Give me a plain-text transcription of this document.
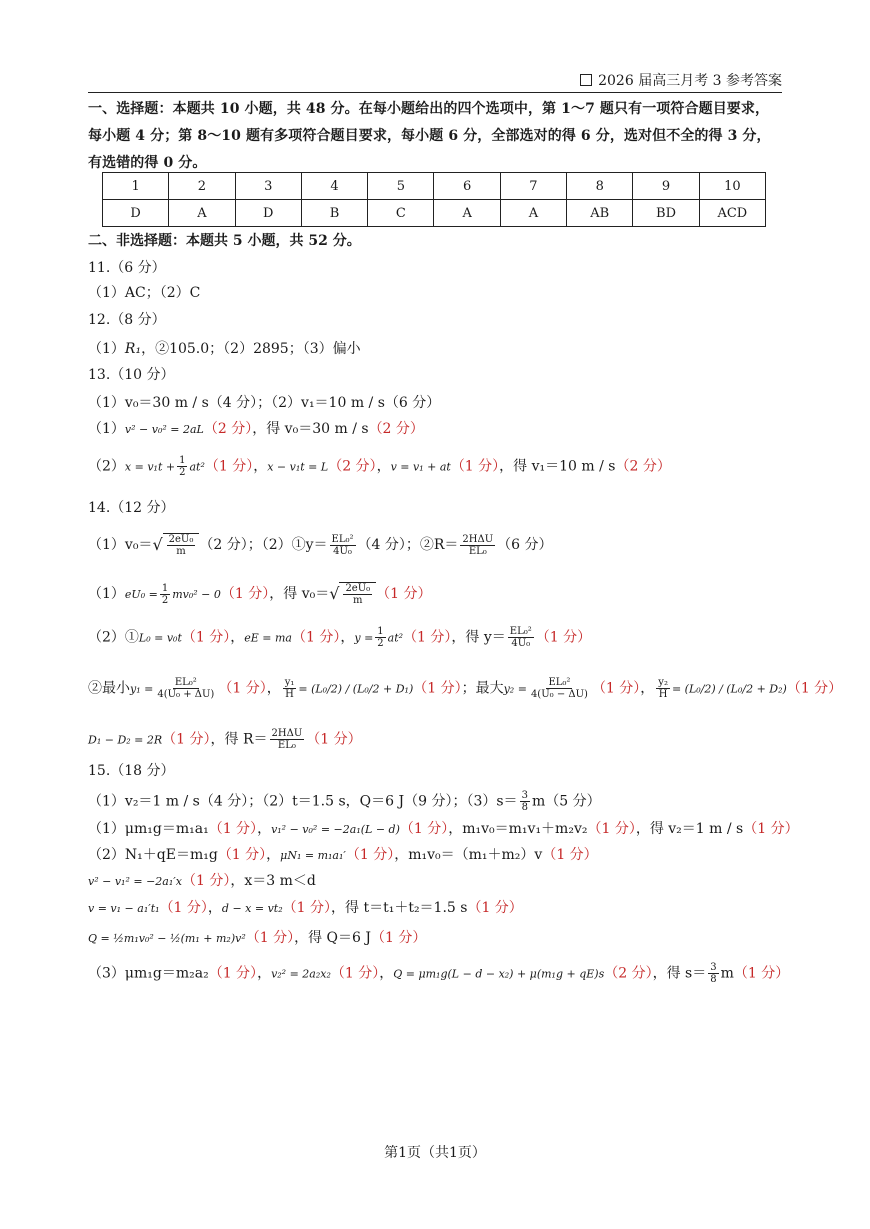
2026 届高三月考 3 参考答案
一、选择题：本题共 10 小题，共 48 分。在每小题给出的四个选项中，第 1～7 题只有一项符合题目要求，
每小题 4 分；第 8～10 题有多项符合题目要求，每小题 6 分，全部选对的得 6 分，选对但不全的得 3 分，
有选错的得 0 分。
1	2	3	4	5	6	7	8	9	10
D	A	D	B	C	A	A	AB	BD	ACD
二、非选择题：本题共 5 小题，共 52 分。
11.（6 分）
（1）AC；（2）C
12.（8 分）
（1）R₁，②105.0；（2）2895；（3）偏小
13.（10 分）
（1）v₀＝30 m / s（4 分）；（2）v₁＝10 m / s（6 分）
（1）v² − v₀² = 2aL（2 分），得 v₀＝30 m / s（2 分）
$(2)x = v_1t + \frac{1}{2} at^2(1$ 分），x − v₁t = L（2 分），v = v₁ + at（1 分），得 v₁＝10 m / s（2 分）
14.（12 分）
$(1)v_0=√ \frac{\text{2eU₀}}{m} (2$ 分）；（2）①y＝ $\frac{\text{EL₀²}}{\text{4U₀}} (4$ 分）；②R＝ 2HΔU
EL₀ （6 分）
$(1)eU_0 = \frac{1}{2} mv_0^2 - 0(1$ 分），得 $v_0=√ \frac{\text{2eU₀}}{m} (1$ 分）
（2）①L₀ = v₀t（1 分），eE = ma（1 分），$y = \frac{1}{2} at^2(1$ 分），得 $y= \frac{\text{EL₀²}}{\text{4U₀}} (1$ 分）
②最小$y_1 = \frac{\text{EL₀²}}{\text{4(U₀ + ΔU)}} (1$ 分）， $\frac{\text{y₁}}{H} = (L_0/2) / (L_0/2 + D_1)(1$ 分）；最大$y_2 = \frac{\text{EL₀²}}{\text{4(U₀ − ΔU)}} (1$ 分）， $\frac{\text{y₂}}{H} = (L_0/2) / (L_0/2 + D_2)(1$ 分）
D₁ − D₂ = 2R（1 分），得 R＝ 2HΔU
EL₀ （1 分）
15.（18 分）
（1）v₂＝1 m / s（4 分）；（2）t＝1.5 s，Q＝6 J（9 分）；$(3)s= \frac{3}{8} m(5$ 分）
（1）μm₁g＝m₁a₁（1 分），v₁² − v₀² = −2a₁(L − d)（1 分），m₁v₀＝m₁v₁＋m₂v₂（1 分），得 v₂＝1 m / s（1 分）
（2）N₁＋qE＝m₁g（1 分），μN₁ = m₁a₁′（1 分），m₁v₀＝（m₁＋m₂）v（1 分）
v² − v₁² = −2a₁′x（1 分），x＝3 m＜d
v = v₁ − a₁′t₁（1 分），d − x = vt₂（1 分），得 t＝t₁＋t₂＝1.5 s（1 分）
Q = ½m₁v₀² − ½(m₁ + m₂)v²（1 分），得 Q＝6 J（1 分）
（3）μm₁g＝m₂a₂（1 分），v₂² = 2a₂x₂（1 分），Q = μm₁g(L − d − x₂) + μ(m₁g + qE)s（2 分），得 $s= \frac{3}{8} m(1$ 分）
第1页（共1页）
